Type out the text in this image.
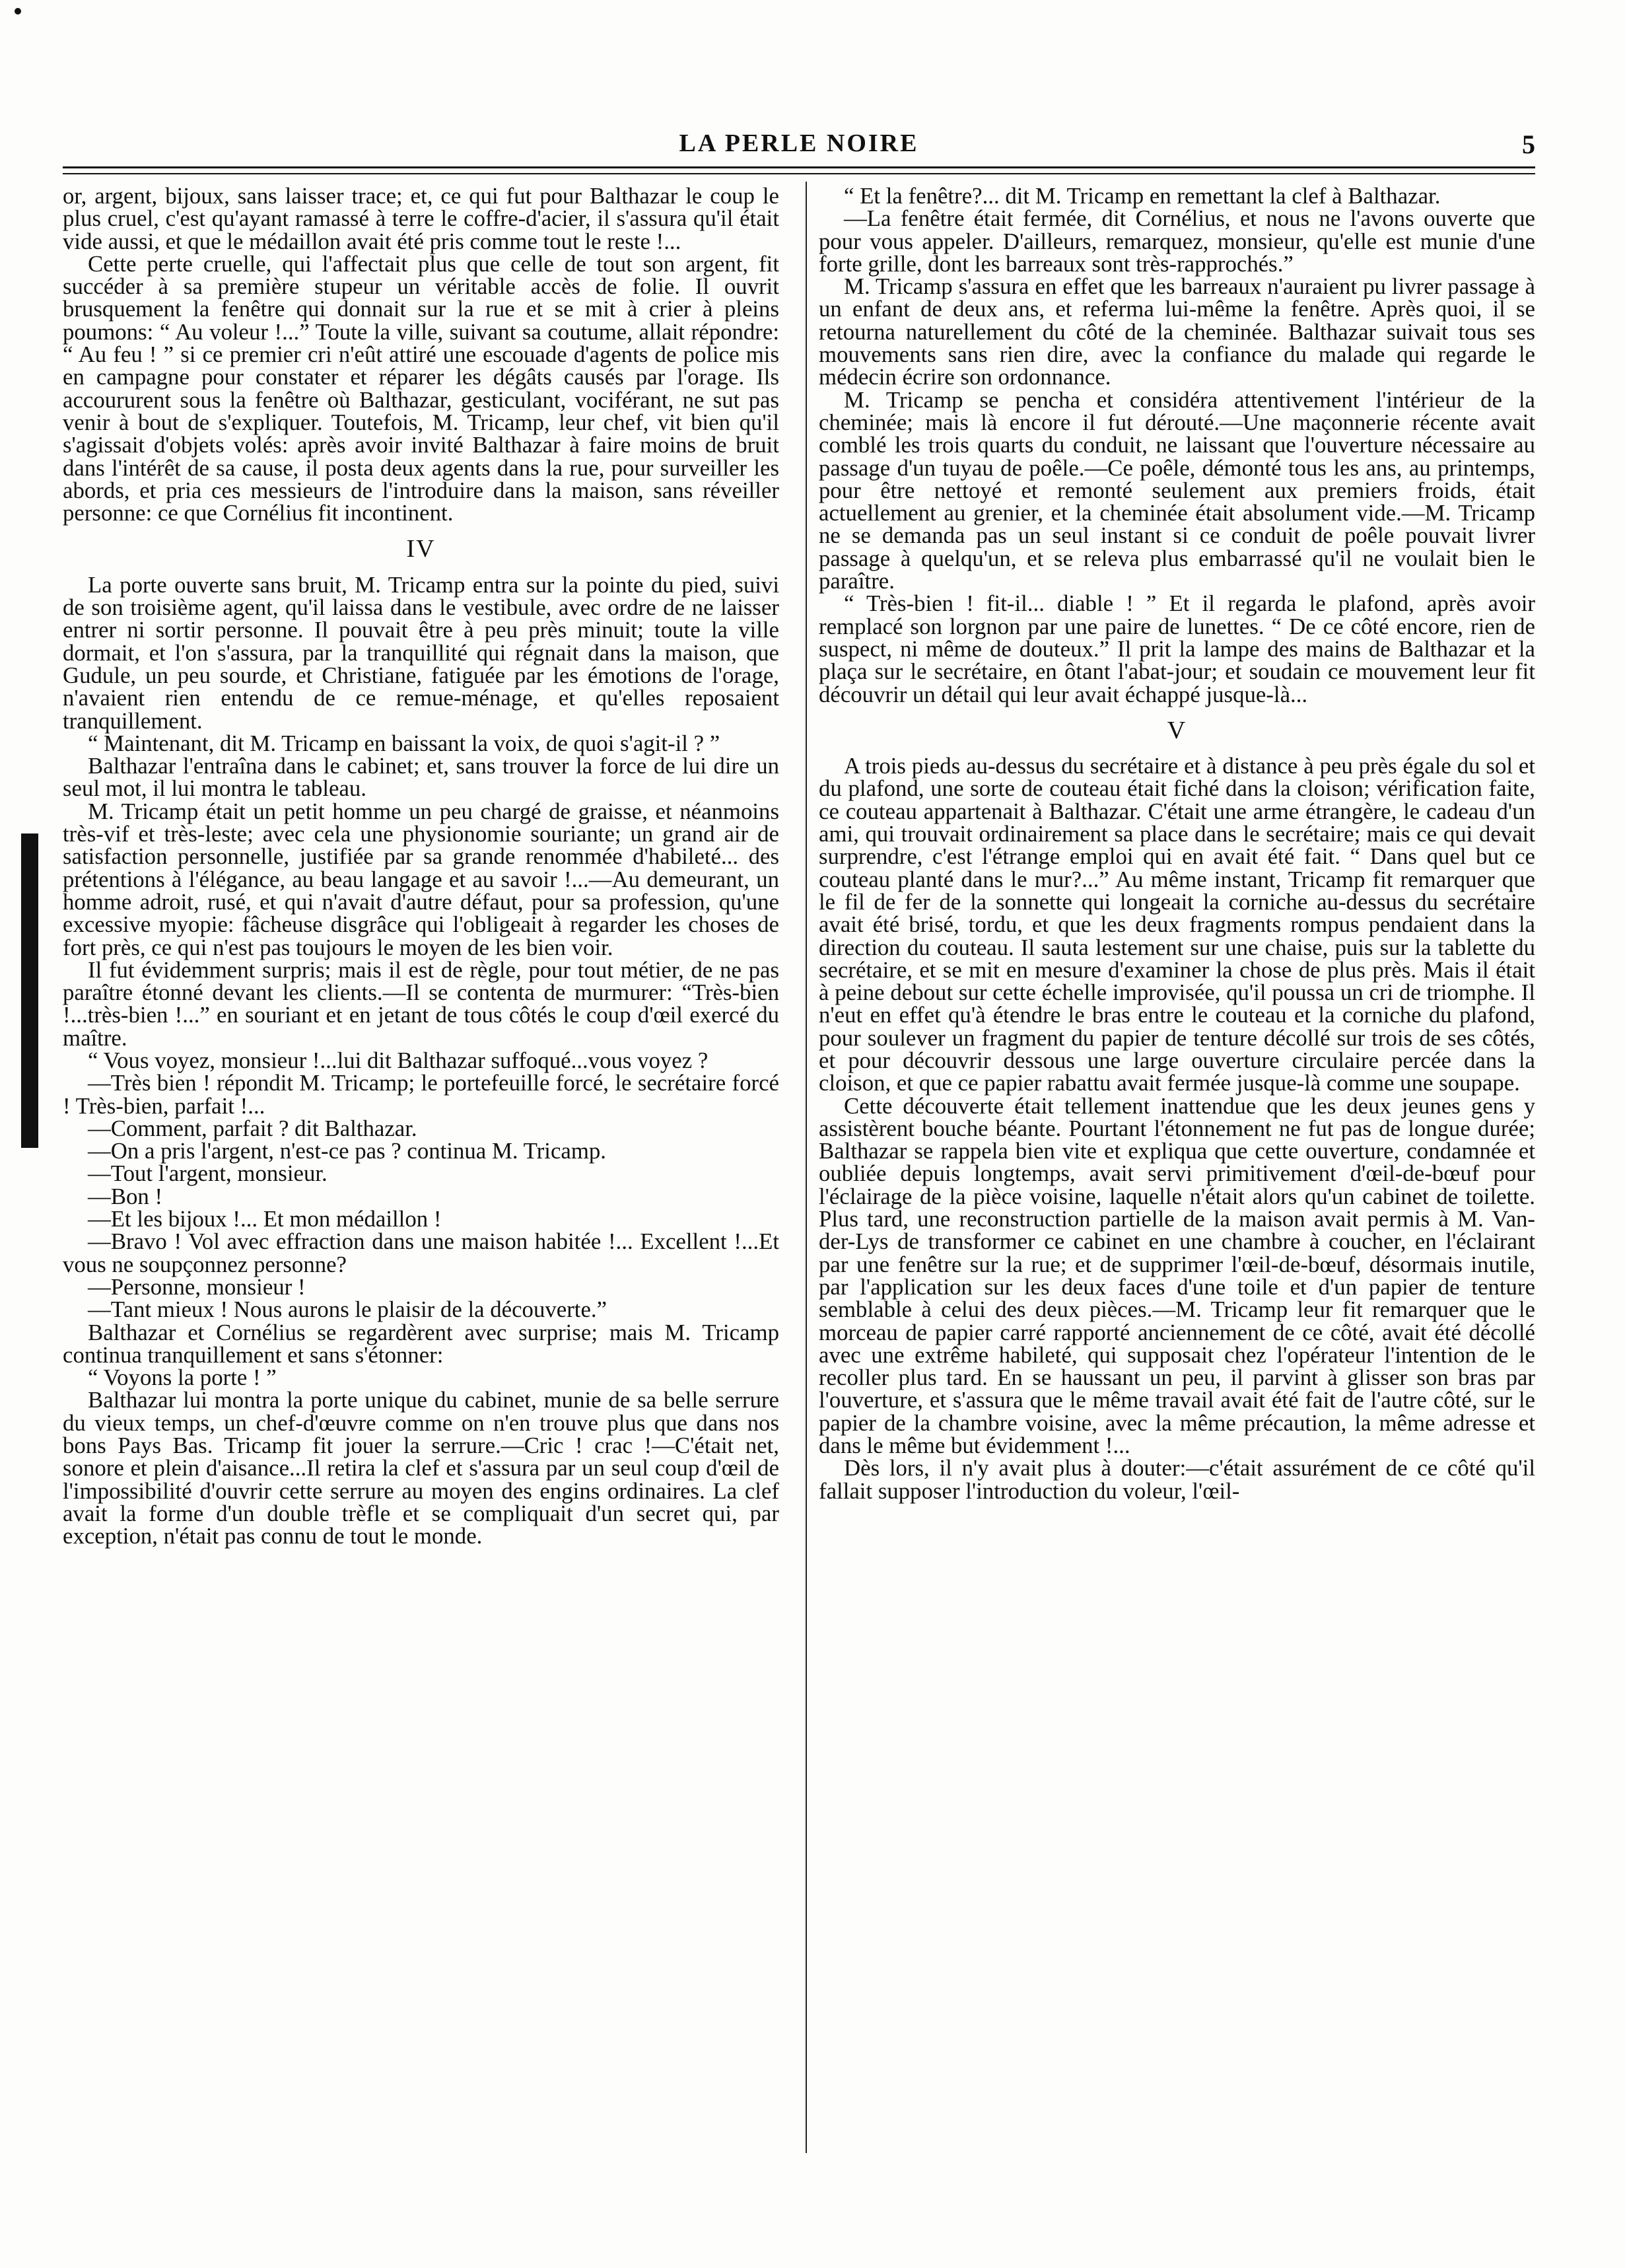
LA PERLE NOIRE	5

or, argent, bijoux, sans laisser trace; et, ce qui fut pour Balthazar le coup le plus cruel, c'est qu'ayant ramassé à terre le coffre-d'acier, il s'assura qu'il était vide aussi, et que le médaillon avait été pris comme tout le reste !...

Cette perte cruelle, qui l'affectait plus que celle de tout son argent, fit succéder à sa première stupeur un véritable accès de folie. Il ouvrit brusquement la fenêtre qui donnait sur la rue et se mit à crier à pleins poumons: “ Au voleur !...” Toute la ville, suivant sa coutume, allait répondre: “ Au feu ! ” si ce premier cri n'eût attiré une escouade d'agents de police mis en campagne pour constater et réparer les dégâts causés par l'orage. Ils accoururent sous la fenêtre où Balthazar, gesticulant, vociférant, ne sut pas venir à bout de s'expliquer. Toutefois, M. Tricamp, leur chef, vit bien qu'il s'agissait d'objets volés: après avoir invité Balthazar à faire moins de bruit dans l'intérêt de sa cause, il posta deux agents dans la rue, pour surveiller les abords, et pria ces messieurs de l'introduire dans la maison, sans réveiller personne: ce que Cornélius fit incontinent.

IV

La porte ouverte sans bruit, M. Tricamp entra sur la pointe du pied, suivi de son troisième agent, qu'il laissa dans le vestibule, avec ordre de ne laisser entrer ni sortir personne. Il pouvait être à peu près minuit; toute la ville dormait, et l'on s'assura, par la tranquillité qui régnait dans la maison, que Gudule, un peu sourde, et Christiane, fatiguée par les émotions de l'orage, n'avaient rien entendu de ce remue-ménage, et qu'elles reposaient tranquillement.

“ Maintenant, dit M. Tricamp en baissant la voix, de quoi s'agit-il ? ”

Balthazar l'entraîna dans le cabinet; et, sans trouver la force de lui dire un seul mot, il lui montra le tableau.

M. Tricamp était un petit homme un peu chargé de graisse, et néanmoins très-vif et très-leste; avec cela une physionomie souriante; un grand air de satisfaction personnelle, justifiée par sa grande renommée d'habileté... des prétentions à l'élégance, au beau langage et au savoir !...—Au demeurant, un homme adroit, rusé, et qui n'avait d'autre défaut, pour sa profession, qu'une excessive myopie: fâcheuse disgrâce qui l'obligeait à regarder les choses de fort près, ce qui n'est pas toujours le moyen de les bien voir.

Il fut évidemment surpris; mais il est de règle, pour tout métier, de ne pas paraître étonné devant les clients.—Il se contenta de murmurer: “Très-bien !...très-bien !...” en souriant et en jetant de tous côtés le coup d'œil exercé du maître.

“ Vous voyez, monsieur !...lui dit Balthazar suffoqué...vous voyez ?

—Très bien ! répondit M. Tricamp; le portefeuille forcé, le secrétaire forcé ! Très-bien, parfait !...

—Comment, parfait ? dit Balthazar.

—On a pris l'argent, n'est-ce pas ? continua M. Tricamp.

—Tout l'argent, monsieur.

—Bon !

—Et les bijoux !... Et mon médaillon !

—Bravo ! Vol avec effraction dans une maison habitée !... Excellent !...Et vous ne soupçonnez personne?

—Personne, monsieur !

—Tant mieux ! Nous aurons le plaisir de la découverte.”

Balthazar et Cornélius se regardèrent avec surprise; mais M. Tricamp continua tranquillement et sans s'étonner:

“ Voyons la porte ! ”

Balthazar lui montra la porte unique du cabinet, munie de sa belle serrure du vieux temps, un chef-d'œuvre comme on n'en trouve plus que dans nos bons Pays Bas. Tricamp fit jouer la serrure.—Cric ! crac !—C'était net, sonore et plein d'aisance...Il retira la clef et s'assura par un seul coup d'œil de l'impossibilité d'ouvrir cette serrure au moyen des engins ordinaires. La clef avait la forme d'un double trèfle et se compliquait d'un secret qui, par exception, n'était pas connu de tout le monde.

“ Et la fenêtre?... dit M. Tricamp en remettant la clef à Balthazar.

—La fenêtre était fermée, dit Cornélius, et nous ne l'avons ouverte que pour vous appeler. D'ailleurs, remarquez, monsieur, qu'elle est munie d'une forte grille, dont les barreaux sont très-rapprochés.”

M. Tricamp s'assura en effet que les barreaux n'auraient pu livrer passage à un enfant de deux ans, et referma lui-même la fenêtre. Après quoi, il se retourna naturellement du côté de la cheminée. Balthazar suivait tous ses mouvements sans rien dire, avec la confiance du malade qui regarde le médecin écrire son ordonnance.

M. Tricamp se pencha et considéra attentivement l'intérieur de la cheminée; mais là encore il fut dérouté.—Une maçonnerie récente avait comblé les trois quarts du conduit, ne laissant que l'ouverture nécessaire au passage d'un tuyau de poêle.—Ce poêle, démonté tous les ans, au printemps, pour être nettoyé et remonté seulement aux premiers froids, était actuellement au grenier, et la cheminée était absolument vide.—M. Tricamp ne se demanda pas un seul instant si ce conduit de poêle pouvait livrer passage à quelqu'un, et se releva plus embarrassé qu'il ne voulait bien le paraître.

“ Très-bien ! fit-il... diable ! ” Et il regarda le plafond, après avoir remplacé son lorgnon par une paire de lunettes. “ De ce côté encore, rien de suspect, ni même de douteux.” Il prit la lampe des mains de Balthazar et la plaça sur le secrétaire, en ôtant l'abat-jour; et soudain ce mouvement leur fit découvrir un détail qui leur avait échappé jusque-là...

V

A trois pieds au-dessus du secrétaire et à distance à peu près égale du sol et du plafond, une sorte de couteau était fiché dans la cloison; vérification faite, ce couteau appartenait à Balthazar. C'était une arme étrangère, le cadeau d'un ami, qui trouvait ordinairement sa place dans le secrétaire; mais ce qui devait surprendre, c'est l'étrange emploi qui en avait été fait. “ Dans quel but ce couteau planté dans le mur?...” Au même instant, Tricamp fit remarquer que le fil de fer de la sonnette qui longeait la corniche au-dessus du secrétaire avait été brisé, tordu, et que les deux fragments rompus pendaient dans la direction du couteau. Il sauta lestement sur une chaise, puis sur la tablette du secrétaire, et se mit en mesure d'examiner la chose de plus près. Mais il était à peine debout sur cette échelle improvisée, qu'il poussa un cri de triomphe. Il n'eut en effet qu'à étendre le bras entre le couteau et la corniche du plafond, pour soulever un fragment du papier de tenture décollé sur trois de ses côtés, et pour découvrir dessous une large ouverture circulaire percée dans la cloison, et que ce papier rabattu avait fermée jusque-là comme une soupape.

Cette découverte était tellement inattendue que les deux jeunes gens y assistèrent bouche béante. Pourtant l'étonnement ne fut pas de longue durée; Balthazar se rappela bien vite et expliqua que cette ouverture, condamnée et oubliée depuis longtemps, avait servi primitivement d'œil-de-bœuf pour l'éclairage de la pièce voisine, laquelle n'était alors qu'un cabinet de toilette. Plus tard, une reconstruction partielle de la maison avait permis à M. Van-der-Lys de transformer ce cabinet en une chambre à coucher, en l'éclairant par une fenêtre sur la rue; et de supprimer l'œil-de-bœuf, désormais inutile, par l'application sur les deux faces d'une toile et d'un papier de tenture semblable à celui des deux pièces.—M. Tricamp leur fit remarquer que le morceau de papier carré rapporté anciennement de ce côté, avait été décollé avec une extrême habileté, qui supposait chez l'opérateur l'intention de le recoller plus tard. En se haussant un peu, il parvint à glisser son bras par l'ouverture, et s'assura que le même travail avait été fait de l'autre côté, sur le papier de la chambre voisine, avec la même précaution, la même adresse et dans le même but évidemment !...

Dès lors, il n'y avait plus à douter:—c'était assurément de ce côté qu'il fallait supposer l'introduction du voleur, l'œil-
